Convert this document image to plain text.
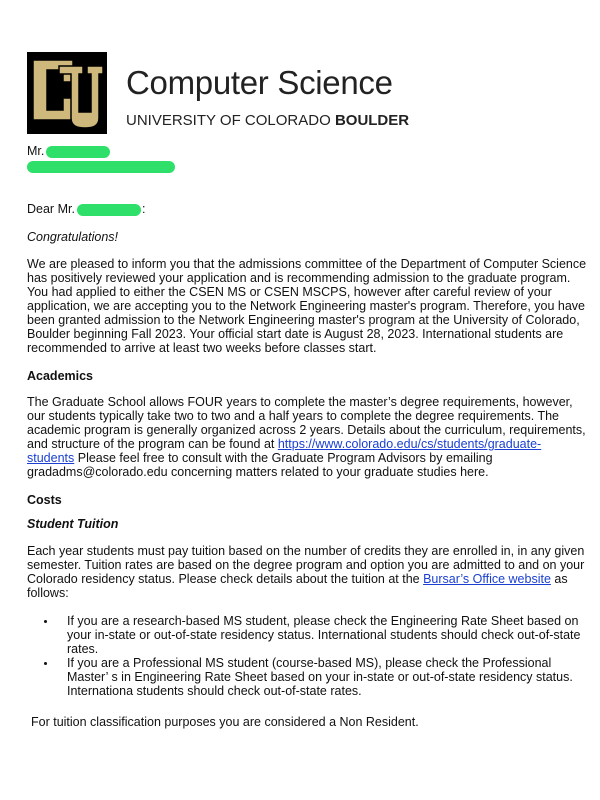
Computer Science
UNIVERSITY OF COLORADO BOULDER
Mr.

Dear Mr.	:

Congratulations!

We are pleased to inform you that the admissions committee of the Department of Computer Science has positively reviewed your application and is recommending admission to the graduate program. You had applied to either the CSEN MS or CSEN MSCPS, however after careful review of your application, we are accepting you to the Network Engineering master's program. Therefore, you have been granted admission to the Network Engineering master's program at the University of Colorado, Boulder beginning Fall 2023. Your official start date is August 28, 2023. International students are recommended to arrive at least two weeks before classes start.

Academics

The Graduate School allows FOUR years to complete the master’s degree requirements, however, our students typically take two to two and a half years to complete the degree requirements. The academic program is generally organized across 2 years. Details about the curriculum, requirements, and structure of the program can be found at https://www.colorado.edu/cs/students/graduate-students Please feel free to consult with the Graduate Program Advisors by emailing gradadms@colorado.edu concerning matters related to your graduate studies here.

Costs

Student Tuition

Each year students must pay tuition based on the number of credits they are enrolled in, in any given semester. Tuition rates are based on the degree program and option you are admitted to and on your Colorado residency status. Please check details about the tuition at the Bursar’s Office website as follows:

• If you are a research-based MS student, please check the Engineering Rate Sheet based on your in-state or out-of-state residency status. International students should check out-of-state rates.
• If you are a Professional MS student (course-based MS), please check the Professional Master’ s in Engineering Rate Sheet based on your in-state or out-of-state residency status. Internationa students should check out-of-state rates.

For tuition classification purposes you are considered a Non Resident.
